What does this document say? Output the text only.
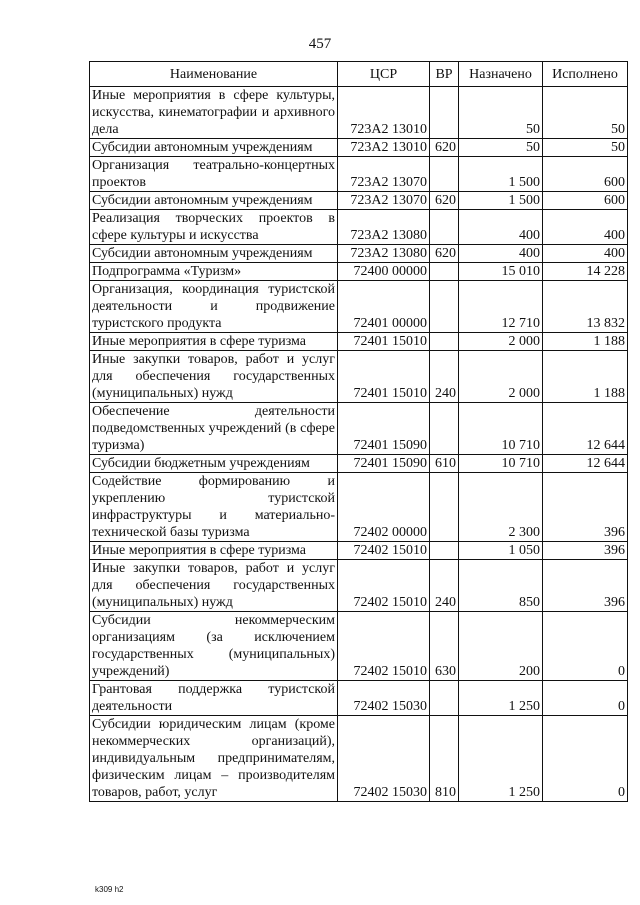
457
Наименование	ЦСР	ВР	Назначено	Исполнено
Иные мероприятия в сфере культуры, искусства, кинематографии и архивного дела	723А2 13010		50	50
Субсидии автономным учреждениям	723А2 13010	620	50	50
Организация театрально-концертных проектов	723А2 13070		1 500	600
Субсидии автономным учреждениям	723А2 13070	620	1 500	600
Реализация творческих проектов в сфере культуры и искусства	723А2 13080		400	400
Субсидии автономным учреждениям	723А2 13080	620	400	400
Подпрограмма «Туризм»	72400 00000		15 010	14 228
Организация, координация туристской деятельности и продвижение туристского продукта	72401 00000		12 710	13 832
Иные мероприятия в сфере туризма	72401 15010		2 000	1 188
Иные закупки товаров, работ и услуг для обеспечения государственных (муниципальных) нужд	72401 15010	240	2 000	1 188
Обеспечение деятельности подведомственных учреждений (в сфере туризма)	72401 15090		10 710	12 644
Субсидии бюджетным учреждениям	72401 15090	610	10 710	12 644
Содействие формированию и укреплению туристской инфраструктуры и материально-технической базы туризма	72402 00000		2 300	396
Иные мероприятия в сфере туризма	72402 15010		1 050	396
Иные закупки товаров, работ и услуг для обеспечения государственных (муниципальных) нужд	72402 15010	240	850	396
Субсидии некоммерческим организациям (за исключением государственных (муниципальных) учреждений)	72402 15010	630	200	0
Грантовая поддержка туристской деятельности	72402 15030		1 250	0
Субсидии юридическим лицам (кроме некоммерческих организаций), индивидуальным предпринимателям, физическим лицам – производителям товаров, работ, услуг	72402 15030	810	1 250	0
k309 h2
